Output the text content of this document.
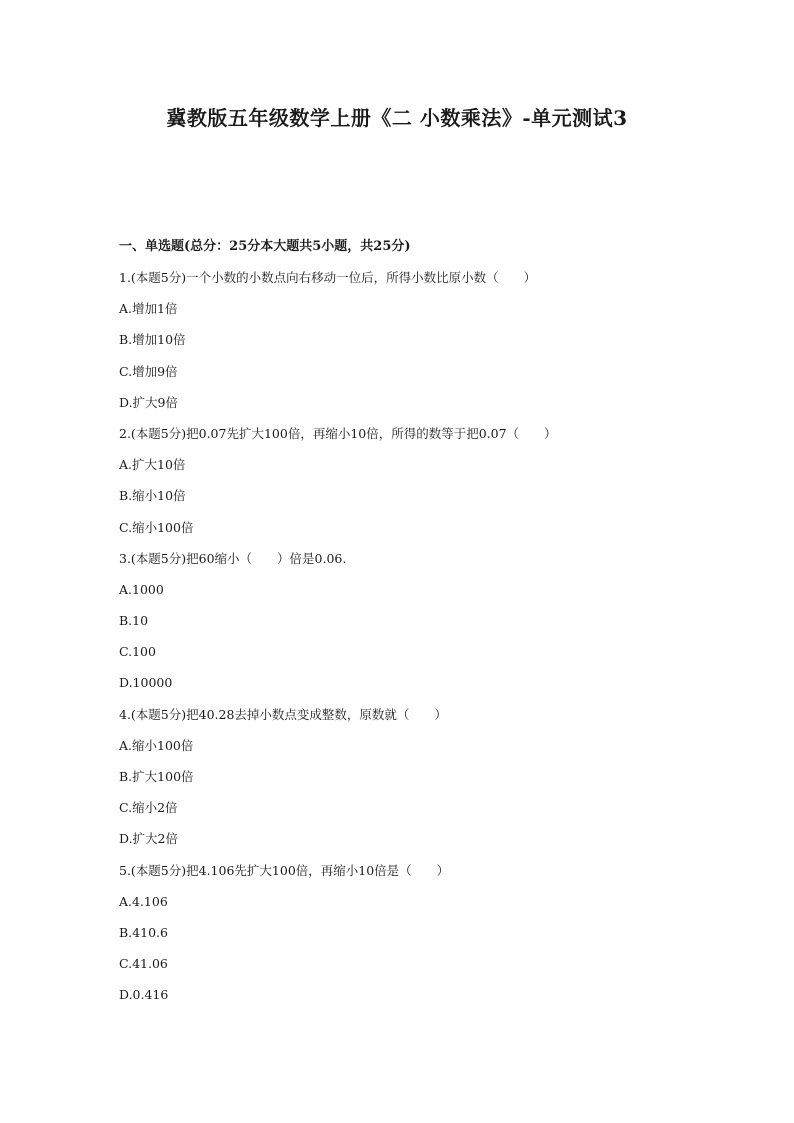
冀教版五年级数学上册《二 小数乘法》-单元测试3
一、单选题(总分：25分本大题共5小题，共25分)
1.(本题5分)一个小数的小数点向右移动一位后，所得小数比原小数（　　）
A.增加1倍
B.增加10倍
C.增加9倍
D.扩大9倍
2.(本题5分)把0.07先扩大100倍，再缩小10倍，所得的数等于把0.07（　　）
A.扩大10倍
B.缩小10倍
C.缩小100倍
3.(本题5分)把60缩小（　　）倍是0.06.
A.1000
B.10
C.100
D.10000
4.(本题5分)把40.28去掉小数点变成整数，原数就（　　）
A.缩小100倍
B.扩大100倍
C.缩小2倍
D.扩大2倍
5.(本题5分)把4.106先扩大100倍，再缩小10倍是（　　）
A.4.106
B.410.6
C.41.06
D.0.416
